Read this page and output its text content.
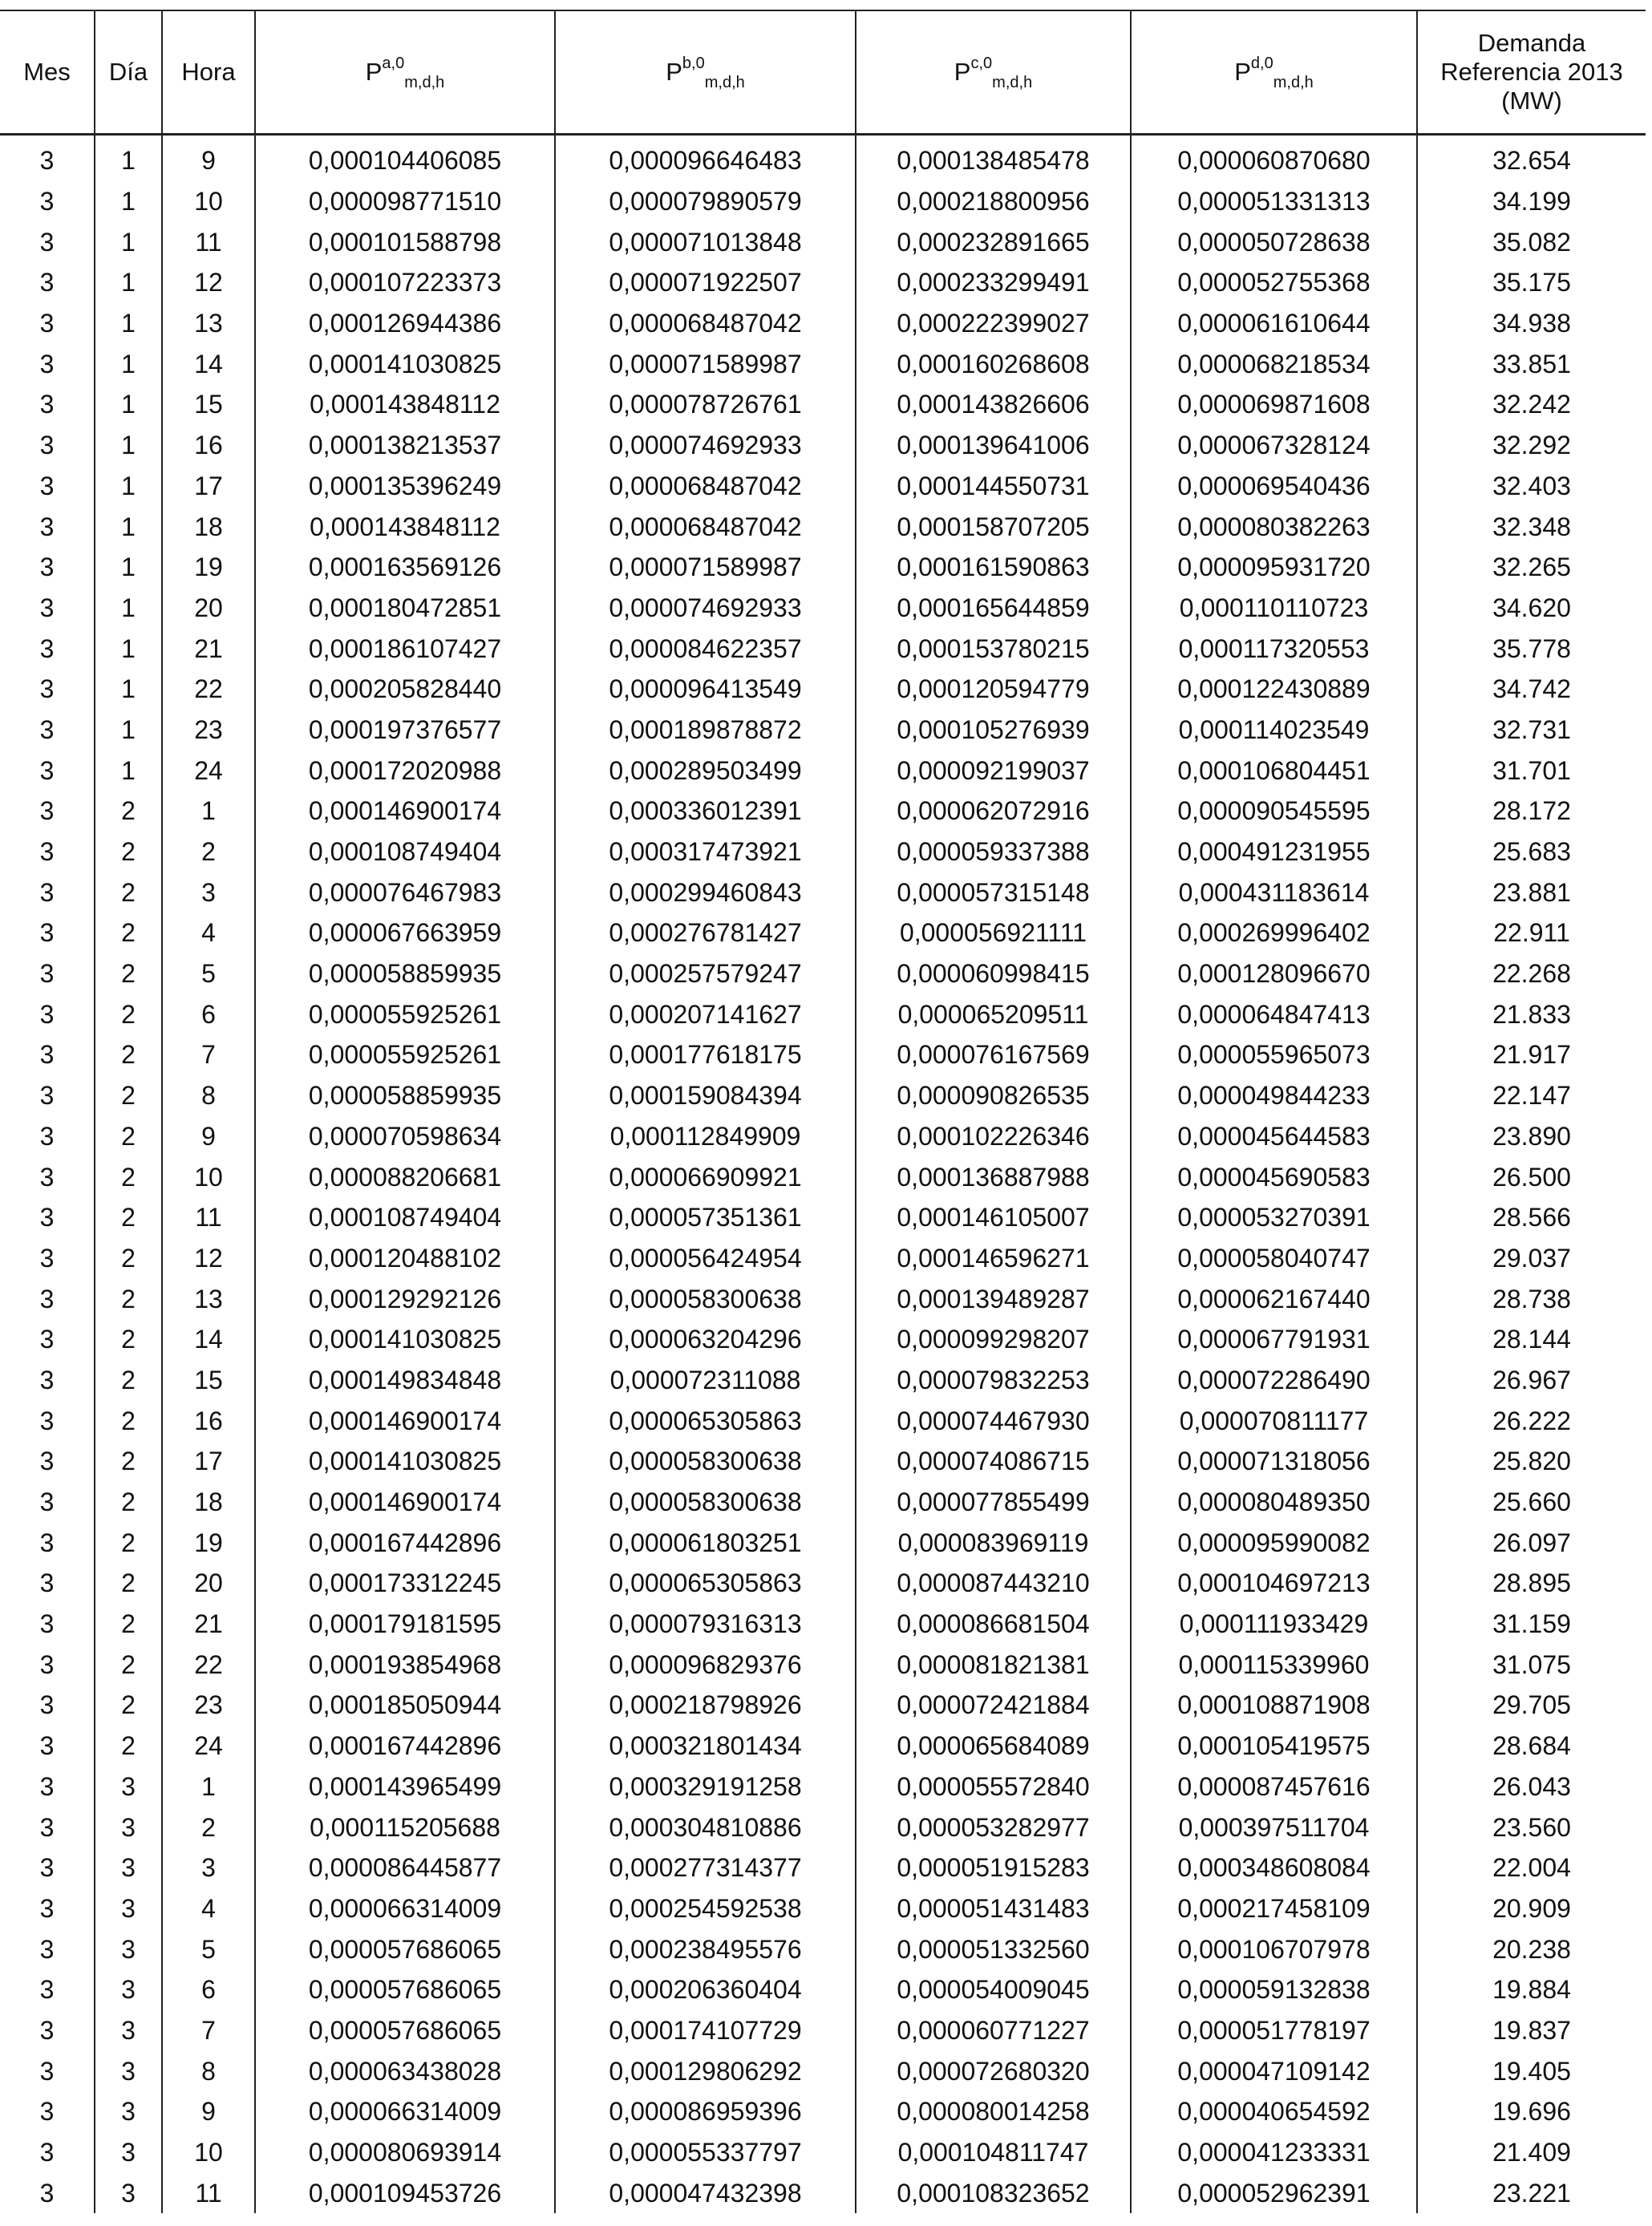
Mes	Día	Hora	P$^{a,0}_{m,d,h}$	P$^{b,0}_{m,d,h}$	P$^{c,0}_{m,d,h}$	P$^{d,0}_{m,d,h}$	Demanda
Referencia 2013
(MW)

3	1	9	0,000104406085	0,000096646483	0,000138485478	0,000060870680	32.654
3	1	10	0,000098771510	0,000079890579	0,000218800956	0,000051331313	34.199
3	1	11	0,000101588798	0,000071013848	0,000232891665	0,000050728638	35.082
3	1	12	0,000107223373	0,000071922507	0,000233299491	0,000052755368	35.175
3	1	13	0,000126944386	0,000068487042	0,000222399027	0,000061610644	34.938
3	1	14	0,000141030825	0,000071589987	0,000160268608	0,000068218534	33.851
3	1	15	0,000143848112	0,000078726761	0,000143826606	0,000069871608	32.242
3	1	16	0,000138213537	0,000074692933	0,000139641006	0,000067328124	32.292
3	1	17	0,000135396249	0,000068487042	0,000144550731	0,000069540436	32.403
3	1	18	0,000143848112	0,000068487042	0,000158707205	0,000080382263	32.348
3	1	19	0,000163569126	0,000071589987	0,000161590863	0,000095931720	32.265
3	1	20	0,000180472851	0,000074692933	0,000165644859	0,000110110723	34.620
3	1	21	0,000186107427	0,000084622357	0,000153780215	0,000117320553	35.778
3	1	22	0,000205828440	0,000096413549	0,000120594779	0,000122430889	34.742
3	1	23	0,000197376577	0,000189878872	0,000105276939	0,000114023549	32.731
3	1	24	0,000172020988	0,000289503499	0,000092199037	0,000106804451	31.701
3	2	1	0,000146900174	0,000336012391	0,000062072916	0,000090545595	28.172
3	2	2	0,000108749404	0,000317473921	0,000059337388	0,000491231955	25.683
3	2	3	0,000076467983	0,000299460843	0,000057315148	0,000431183614	23.881
3	2	4	0,000067663959	0,000276781427	0,000056921111	0,000269996402	22.911
3	2	5	0,000058859935	0,000257579247	0,000060998415	0,000128096670	22.268
3	2	6	0,000055925261	0,000207141627	0,000065209511	0,000064847413	21.833
3	2	7	0,000055925261	0,000177618175	0,000076167569	0,000055965073	21.917
3	2	8	0,000058859935	0,000159084394	0,000090826535	0,000049844233	22.147
3	2	9	0,000070598634	0,000112849909	0,000102226346	0,000045644583	23.890
3	2	10	0,000088206681	0,000066909921	0,000136887988	0,000045690583	26.500
3	2	11	0,000108749404	0,000057351361	0,000146105007	0,000053270391	28.566
3	2	12	0,000120488102	0,000056424954	0,000146596271	0,000058040747	29.037
3	2	13	0,000129292126	0,000058300638	0,000139489287	0,000062167440	28.738
3	2	14	0,000141030825	0,000063204296	0,000099298207	0,000067791931	28.144
3	2	15	0,000149834848	0,000072311088	0,000079832253	0,000072286490	26.967
3	2	16	0,000146900174	0,000065305863	0,000074467930	0,000070811177	26.222
3	2	17	0,000141030825	0,000058300638	0,000074086715	0,000071318056	25.820
3	2	18	0,000146900174	0,000058300638	0,000077855499	0,000080489350	25.660
3	2	19	0,000167442896	0,000061803251	0,000083969119	0,000095990082	26.097
3	2	20	0,000173312245	0,000065305863	0,000087443210	0,000104697213	28.895
3	2	21	0,000179181595	0,000079316313	0,000086681504	0,000111933429	31.159
3	2	22	0,000193854968	0,000096829376	0,000081821381	0,000115339960	31.075
3	2	23	0,000185050944	0,000218798926	0,000072421884	0,000108871908	29.705
3	2	24	0,000167442896	0,000321801434	0,000065684089	0,000105419575	28.684
3	3	1	0,000143965499	0,000329191258	0,000055572840	0,000087457616	26.043
3	3	2	0,000115205688	0,000304810886	0,000053282977	0,000397511704	23.560
3	3	3	0,000086445877	0,000277314377	0,000051915283	0,000348608084	22.004
3	3	4	0,000066314009	0,000254592538	0,000051431483	0,000217458109	20.909
3	3	5	0,000057686065	0,000238495576	0,000051332560	0,000106707978	20.238
3	3	6	0,000057686065	0,000206360404	0,000054009045	0,000059132838	19.884
3	3	7	0,000057686065	0,000174107729	0,000060771227	0,000051778197	19.837
3	3	8	0,000063438028	0,000129806292	0,000072680320	0,000047109142	19.405
3	3	9	0,000066314009	0,000086959396	0,000080014258	0,000040654592	19.696
3	3	10	0,000080693914	0,000055337797	0,000104811747	0,000041233331	21.409
3	3	11	0,000109453726	0,000047432398	0,000108323652	0,000052962391	23.221
